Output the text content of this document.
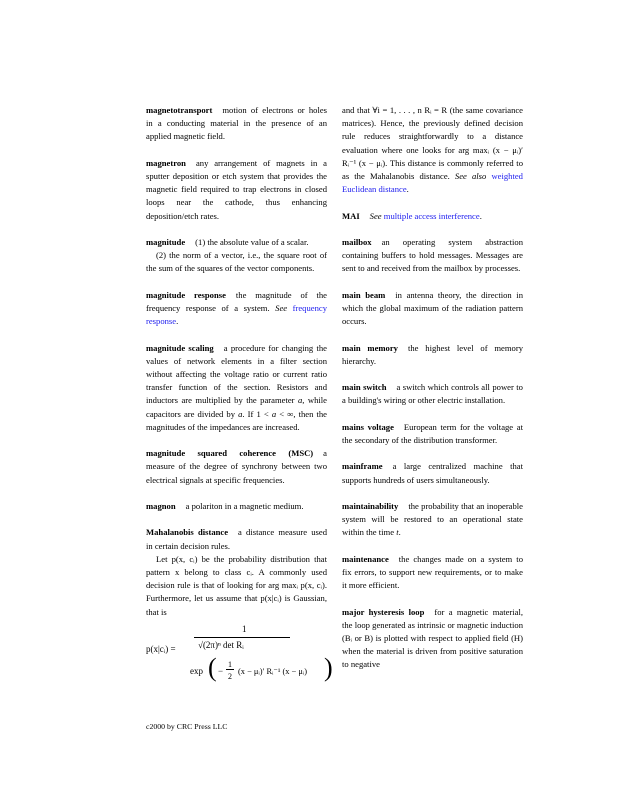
magnetotransport motion of electrons or holes in a conducting material in the presence of an applied magnetic field.

magnetron any arrangement of magnets in a sputter deposition or etch system that provides the magnetic field required to trap electrons in closed loops near the cathode, thus enhancing deposition/etch rates.

magnitude (1) the absolute value of a scalar.

(2) the norm of a vector, i.e., the square root of the sum of the squares of the vector components.

magnitude response the magnitude of the frequency response of a system. See frequency response.

magnitude scaling a procedure for changing the values of network elements in a filter section without affecting the voltage ratio or current ratio transfer function of the section. Resistors and inductors are multiplied by the parameter a, while capacitors are divided by a. If 1 < a < ∞, then the magnitudes of the impedances are increased.

magnitude squared coherence (MSC) a measure of the degree of synchrony between two electrical signals at specific frequencies.

magnon a polariton in a magnetic medium.

Mahalanobis distance a distance measure used in certain decision rules.

Let p(x, cᵢ) be the probability distribution that pattern x belong to class cᵢ. A commonly used decision rule is that of looking for arg maxᵢ p(x, cᵢ). Furthermore, let us assume that p(x|cᵢ) is Gaussian, that is

p(x|cᵢ) =
1
√(2π)ⁿ det Rᵢ
exp ( −
1
2
(x − μᵢ)′ Rᵢ⁻¹ (x − μᵢ) )

and that ∀i = 1, . . . , n Rᵢ = R (the same covariance matrices). Hence, the previously defined decision rule reduces straightforwardly to a distance evaluation where one looks for arg maxᵢ (x − μᵢ)′ Rᵢ⁻¹ (x − μᵢ). This distance is commonly referred to as the Mahalanobis distance. See also weighted Euclidean distance.

MAI See multiple access interference.

mailbox an operating system abstraction containing buffers to hold messages. Messages are sent to and received from the mailbox by processes.

main beam in antenna theory, the direction in which the global maximum of the radiation pattern occurs.

main memory the highest level of memory hierarchy.

main switch a switch which controls all power to a building's wiring or other electric installation.

mains voltage European term for the voltage at the secondary of the distribution transformer.

mainframe a large centralized machine that supports hundreds of users simultaneously.

maintainability the probability that an inoperable system will be restored to an operational state within the time t.

maintenance the changes made on a system to fix errors, to support new requirements, or to make it more efficient.

major hysteresis loop for a magnetic material, the loop generated as intrinsic or magnetic induction (Bᵢ or B) is plotted with respect to applied field (H) when the material is driven from positive saturation to negative

c2000 by CRC Press LLC
